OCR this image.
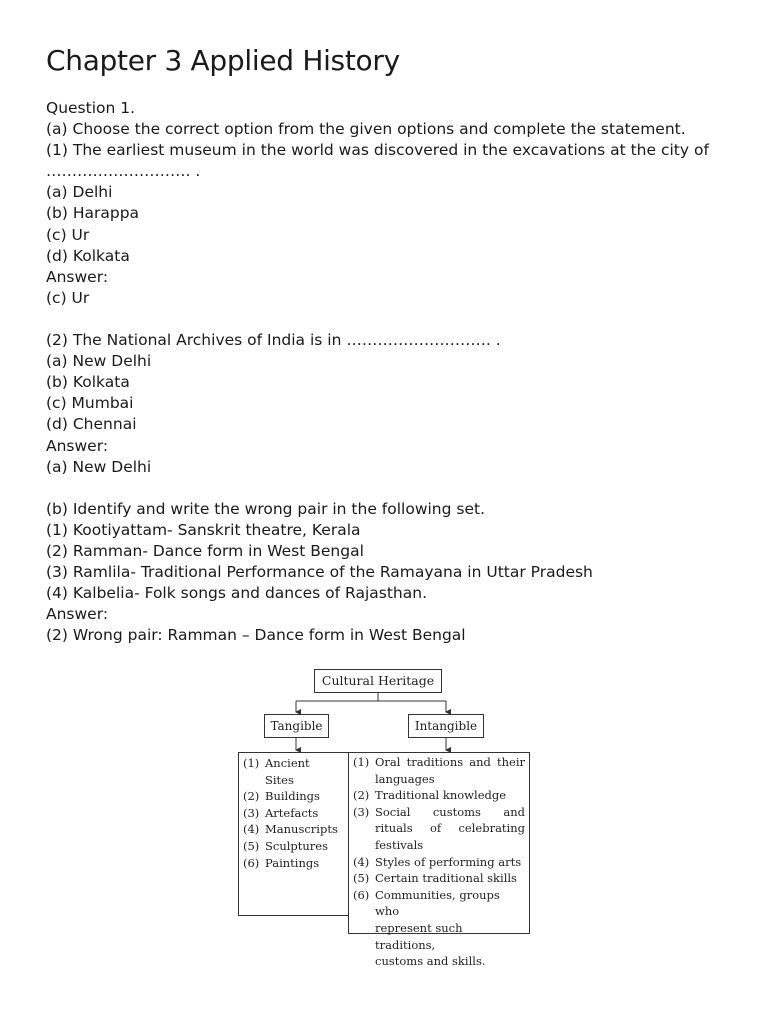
Chapter 3 Applied History
Question 1.
(a) Choose the correct option from the given options and complete the statement.
(1) The earliest museum in the world was discovered in the excavations at the city of
………………………. .
(a) Delhi
(b) Harappa
(c) Ur
(d) Kolkata
Answer:
(c) Ur
(2) The National Archives of India is in ………………………. .
(a) New Delhi
(b) Kolkata
(c) Mumbai
(d) Chennai
Answer:
(a) New Delhi
(b) Identify and write the wrong pair in the following set.
(1) Kootiyattam- Sanskrit theatre, Kerala
(2) Ramman- Dance form in West Bengal
(3) Ramlila- Traditional Performance of the Ramayana in Uttar Pradesh
(4) Kalbelia- Folk songs and dances of Rajasthan.
Answer:
(2) Wrong pair: Ramman – Dance form in West Bengal
Cultural Heritage
Tangible	Intangible
(1) Ancient
Sites
(2) Buildings
(3) Artefacts
(4) Manuscripts
(5) Sculptures
(6) Paintings
(1) Oral traditions and their
languages
(2) Traditional knowledge
(3) Social customs and
rituals of celebrating
festivals
(4) Styles of performing arts
(5) Certain traditional skills
(6) Communities, groups who
represent such traditions,
customs and skills.
